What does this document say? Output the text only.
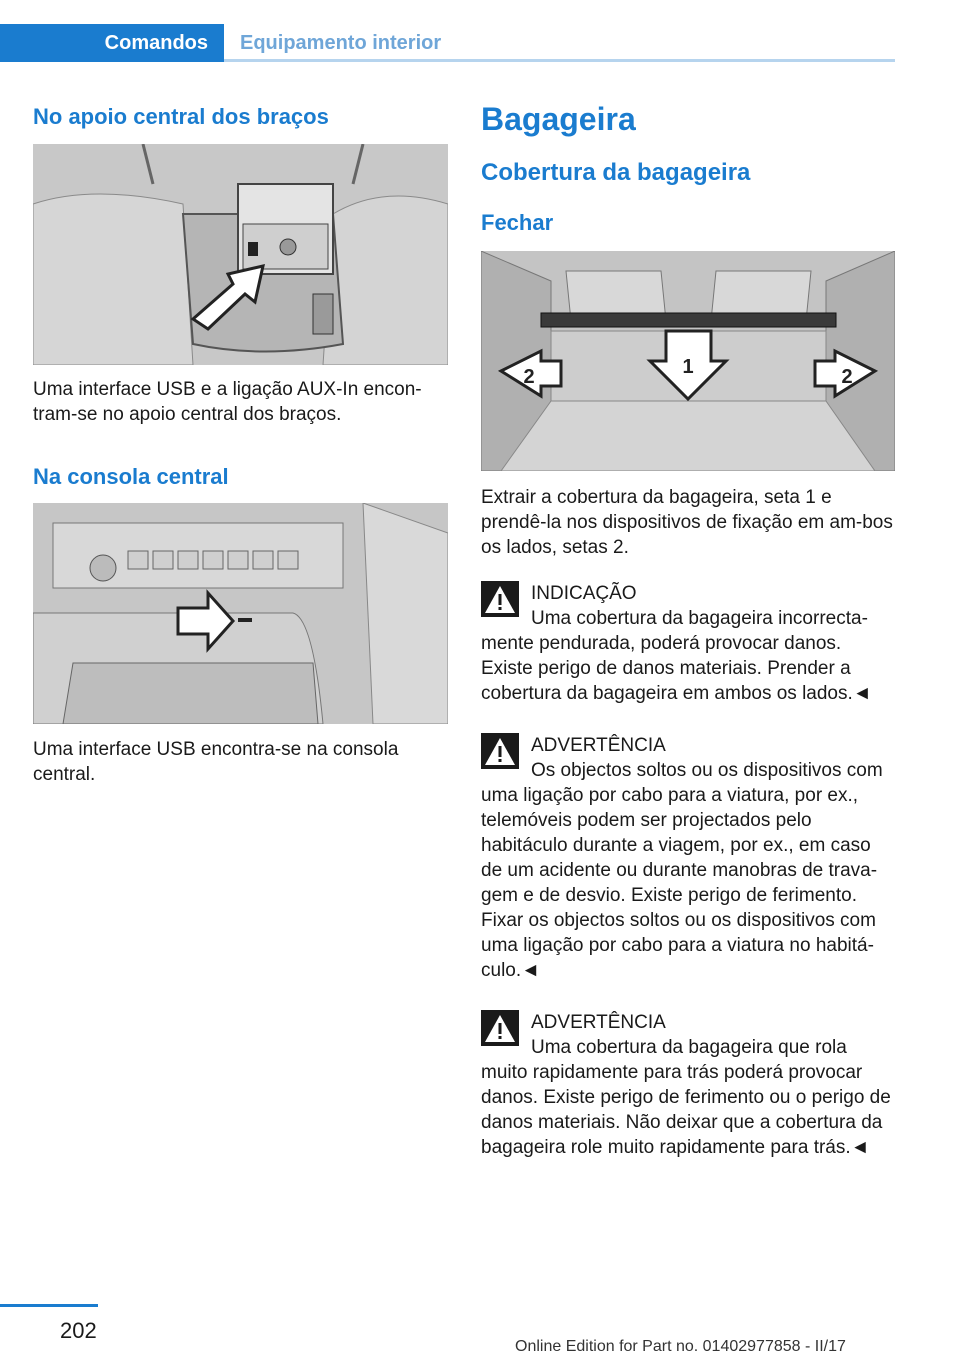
Comandos Equipamento interior
No apoio central dos braços

Uma interface USB e a ligação AUX-In encon-tram-se no apoio central dos braços.

Na consola central

Uma interface USB encontra-se na consola central.

Bagageira
Cobertura da bagageira
Fechar
2	1	2

Extrair a cobertura da bagageira, seta 1 e prendê-la nos dispositivos de fixação em am-bos os lados, setas 2.

INDICAÇÃO

Uma cobertura da bagageira incorrecta-mente pendurada, poderá provocar danos. Existe perigo de danos materiais. Prender a cobertura da bagageira em ambos os lados.◄

ADVERTÊNCIA

Os objectos soltos ou os dispositivos com uma ligação por cabo para a viatura, por ex., telemóveis podem ser projectados pelo habitáculo durante a viagem, por ex., em caso de um acidente ou durante manobras de trava-gem e de desvio. Existe perigo de ferimento. Fixar os objectos soltos ou os dispositivos com uma ligação por cabo para a viatura no habitá-culo.◄

ADVERTÊNCIA

Uma cobertura da bagageira que rola muito rapidamente para trás poderá provocar danos. Existe perigo de ferimento ou o perigo de danos materiais. Não deixar que a cobertura da bagageira role muito rapidamente para trás.◄

202
Online Edition for Part no. 01402977858 - II/17
